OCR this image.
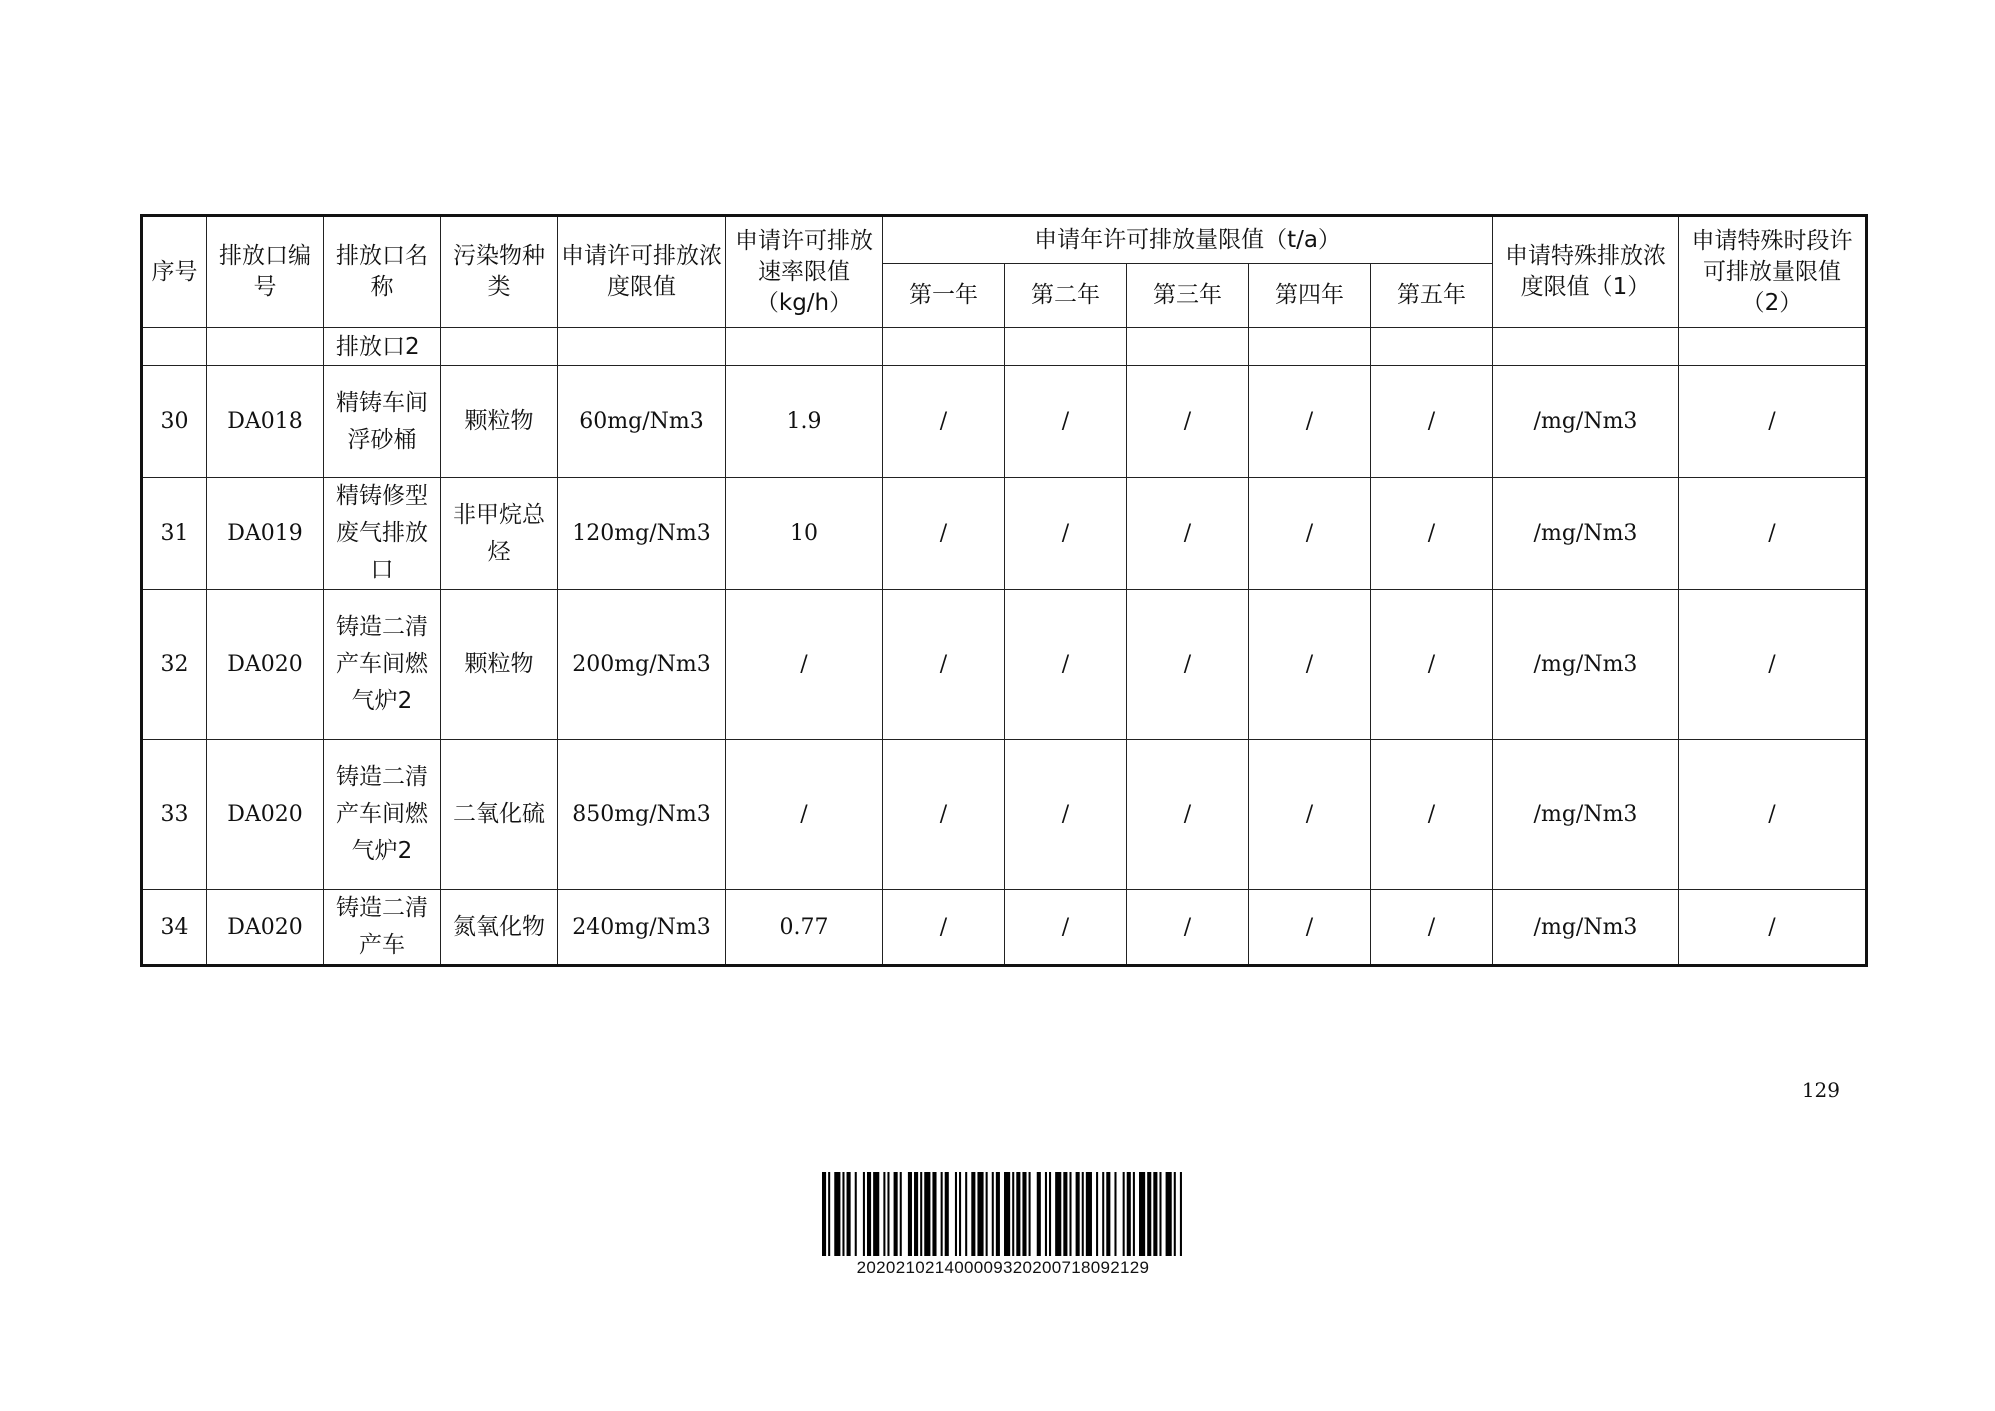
序号	排放口编号	排放口名称	污染物种类	申请许可排放浓度限值	申请许可排放速率限值（kg/h）	申请年许可排放量限值（t/a）					申请特殊排放浓度限值（1）	申请特殊时段许可排放量限值（2）
						第一年	第二年	第三年	第四年	第五年		
		排放口2										
30	DA018	精铸车间浮砂桶	颗粒物	60mg/Nm3	1.9	/	/	/	/	/	/mg/Nm3	/
31	DA019	精铸修型废气排放口	非甲烷总烃	120mg/Nm3	10	/	/	/	/	/	/mg/Nm3	/
32	DA020	铸造二清产车间燃气炉2	颗粒物	200mg/Nm3	/	/	/	/	/	/	/mg/Nm3	/
33	DA020	铸造二清产车间燃气炉2	二氧化硫	850mg/Nm3	/	/	/	/	/	/	/mg/Nm3	/
34	DA020	铸造二清产车	氮氧化物	240mg/Nm3	0.77	/	/	/	/	/	/mg/Nm3	/
129
20202102140000932020071809212​9
